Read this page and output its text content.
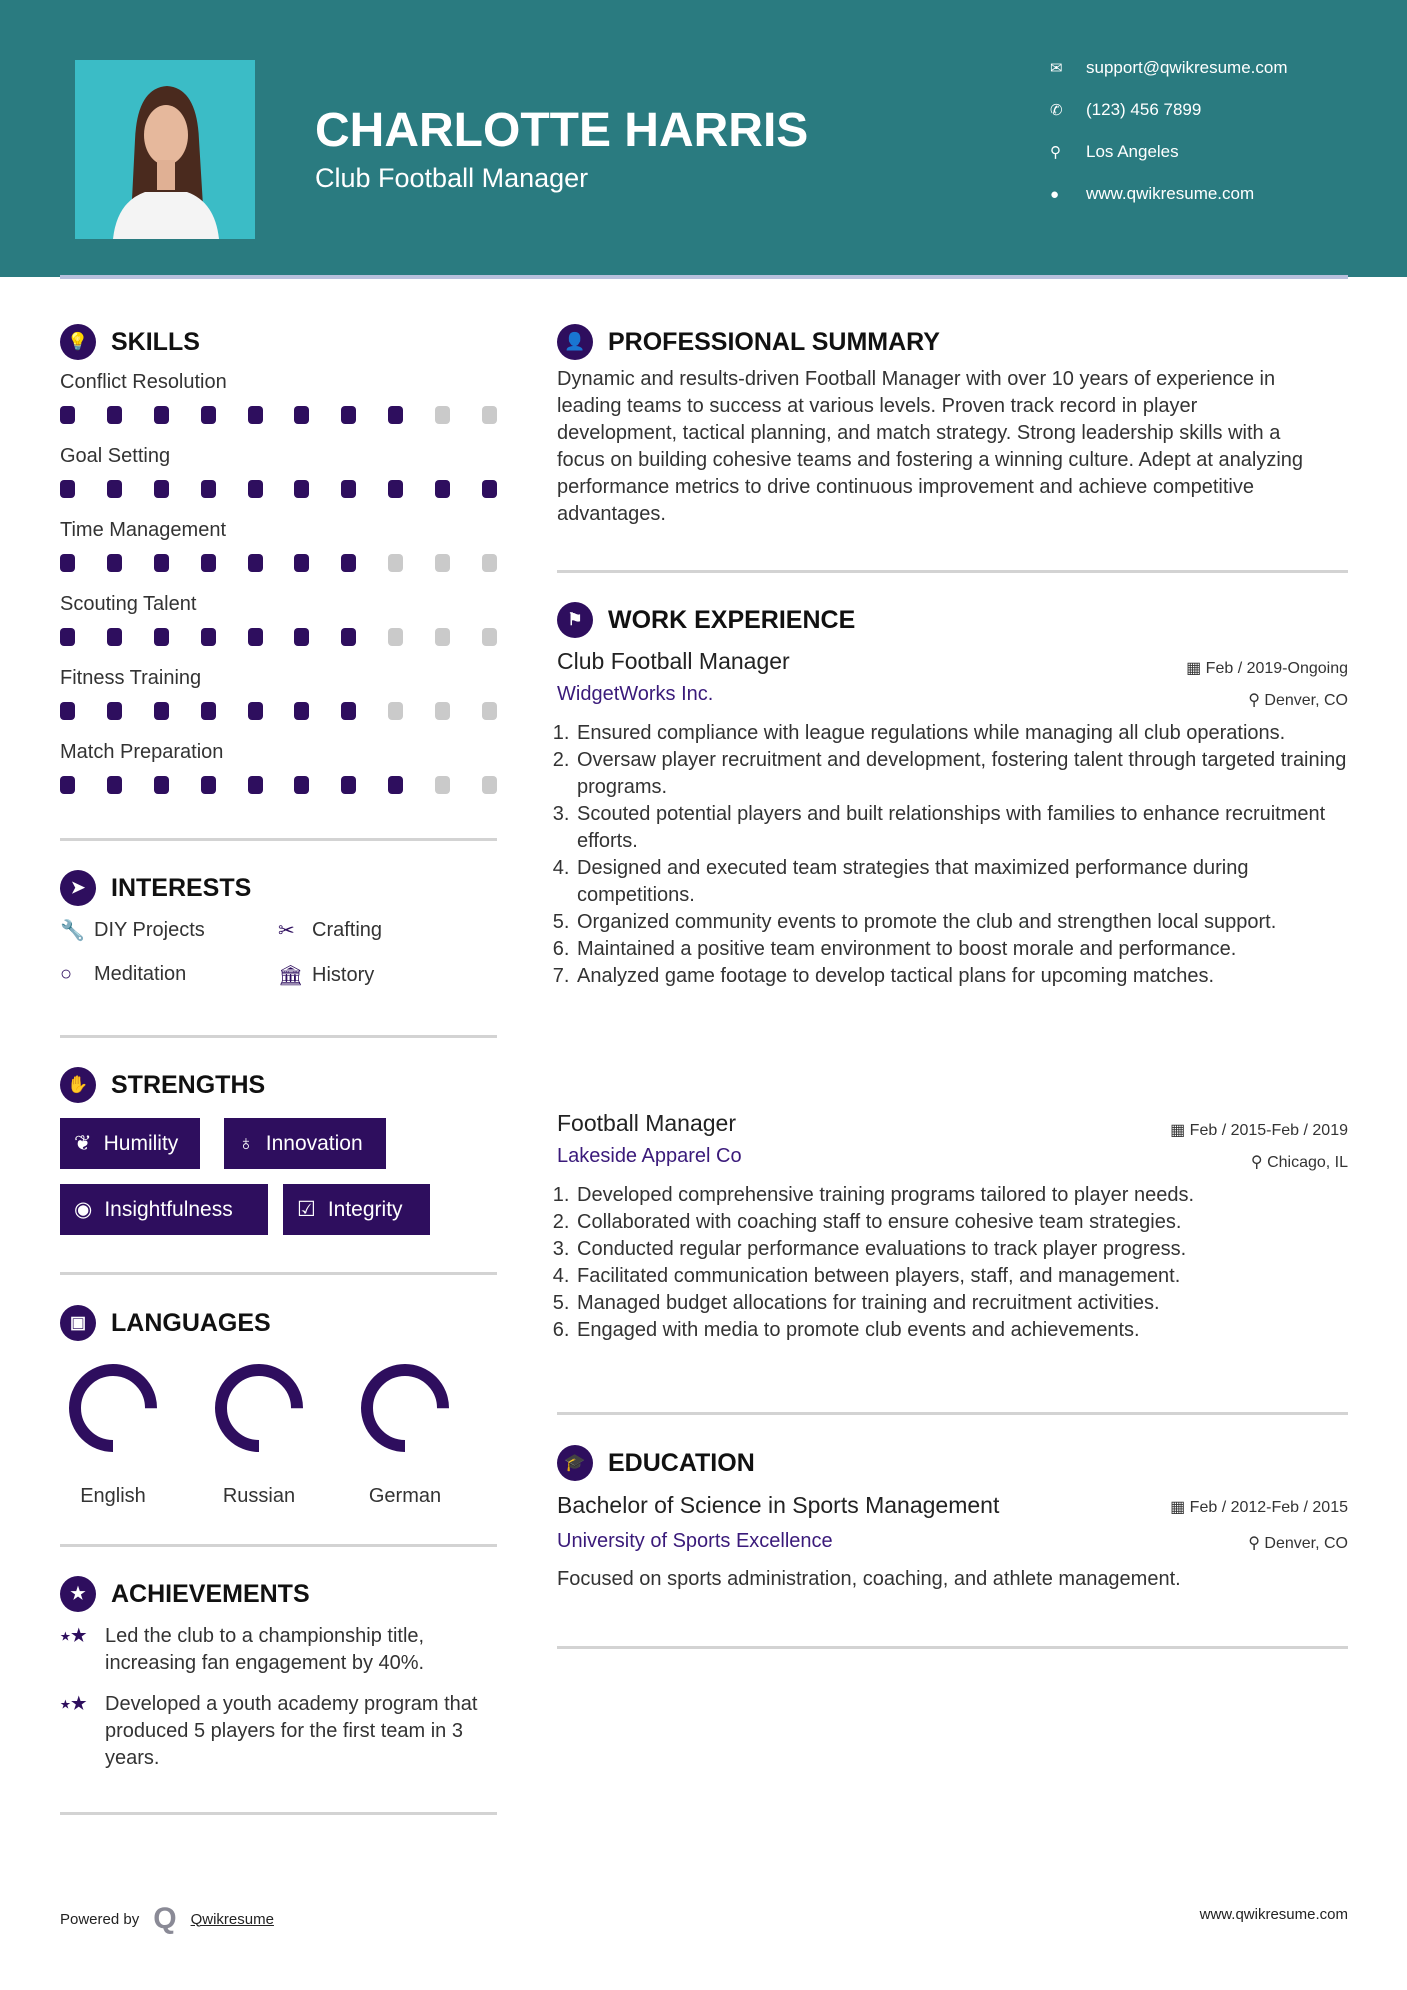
CHARLOTTE HARRIS
Club Football Manager
✉	support@qwikresume.com
✆	(123) 456 7899
⚲	Los Angeles
●	www.qwikresume.com
💡 SKILLS
Conflict Resolution
Goal Setting
Time Management
Scouting Talent
Fitness Training
Match Preparation
➤	INTERESTS
🔧 DIY Projects	✂ Crafting
○	Meditation	🏛 History
✋ STRENGTHS
❦ Humility	♁ Innovation
◉ Insightfulness	☑ Integrity
▣ LANGUAGES
English	Russian	German
★	ACHIEVEMENTS
⭑★ Led the club to a championship title, increasing fan engagement by 40%.
⭑★ Developed a youth academy program that produced 5 players for the first team in 3 years.
👤 PROFESSIONAL SUMMARY

Dynamic and results-driven Football Manager with over 10 years of experience in leading teams to success at various levels. Proven track record in player development, tactical planning, and match strategy. Strong leadership skills with a focus on building cohesive teams and fostering a winning culture. Adept at analyzing performance metrics to drive continuous improvement and achieve competitive advantages.

⚑	WORK EXPERIENCE
Club Football Manager	▦ Feb / 2019-Ongoing
WidgetWorks Inc.	⚲ Denver, CO
1. Ensured compliance with league regulations while managing all club operations.
2. Oversaw player recruitment and development, fostering talent through targeted training programs.
3. Scouted potential players and built relationships with families to enhance recruitment efforts.
4. Designed and executed team strategies that maximized performance during competitions.
5. Organized community events to promote the club and strengthen local support.
6. Maintained a positive team environment to boost morale and performance.
7. Analyzed game footage to develop tactical plans for upcoming matches.
Football Manager	▦ Feb / 2015-Feb / 2019
Lakeside Apparel Co	⚲ Chicago, IL
1. Developed comprehensive training programs tailored to player needs.
2. Collaborated with coaching staff to ensure cohesive team strategies.
3. Conducted regular performance evaluations to track player progress.
4. Facilitated communication between players, staff, and management.
5. Managed budget allocations for training and recruitment activities.
6. Engaged with media to promote club events and achievements.
🎓 EDUCATION
Bachelor of Science in Sports Management	▦ Feb / 2012-Feb / 2015
University of Sports Excellence	⚲ Denver, CO
Focused on sports administration, coaching, and athlete management.
Powered by Q Qwikresume	www.qwikresume.com
